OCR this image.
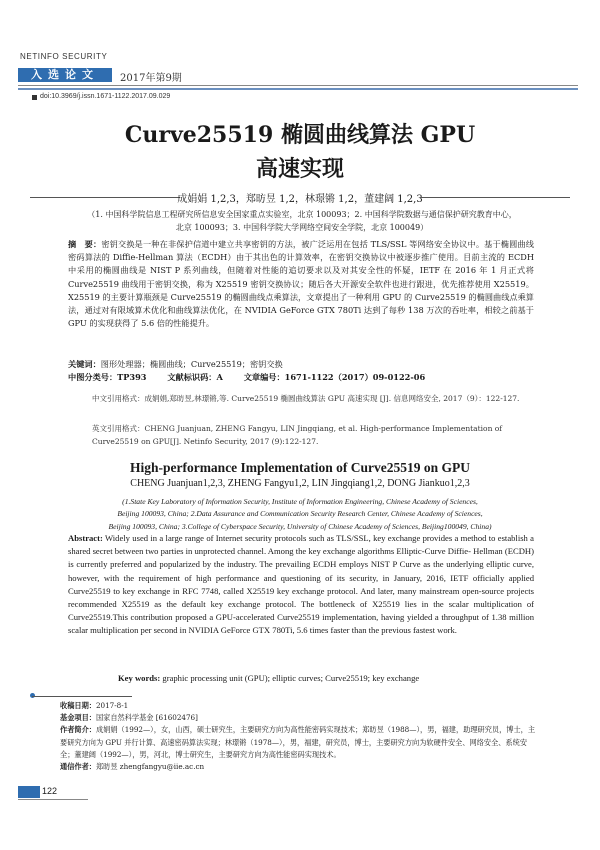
NETINFO SECURITY
入选论文	2017年第9期
doi:10.3969/j.issn.1671-1122.2017.09.029
Curve25519 椭圆曲线算法 GPU
高速实现
成娟娟 1,2,3，郑昉昱 1,2，林璟锵 1,2，董建阔 1,2,3
（1. 中国科学院信息工程研究所信息安全国家重点实验室，北京 100093；2. 中国科学院数据与通信保护研究教育中心，
北京 100093；3. 中国科学院大学网络空间安全学院，北京 100049）
摘　要：密钥交换是一种在非保护信道中建立共享密钥的方法，被广泛运用在包括 TLS/SSL 等网络安全协议中。基于椭圆曲线密码算法的 Diffie-Hellman 算法（ECDH）由于其出色的计算效率，在密钥交换协议中被逐步推广使用。目前主流的 ECDH 中采用的椭圆曲线是 NIST P 系列曲线，但随着对性能的追切要求以及对其安全性的怀疑，IETF 在 2016 年 1 月正式将 Curve25519 曲线用于密钥交换，称为 X25519 密钥交换协议；随后各大开源安全软件也进行跟进，优先推荐使用 X25519。X25519 的主要计算瓶颈是 Curve25519 的椭圆曲线点乘算法，文章提出了一种利用 GPU 的 Curve25519 的椭圆曲线点乘算法，通过对有限域算术优化和曲线算法优化，在 NVIDIA GeForce GTX 780Ti 达到了每秒 138 万次的吞吐率，相较之前基于 GPU 的实现获得了 5.6 倍的性能提升。
关键词：图形处理器；椭圆曲线；Curve25519；密钥交换
中图分类号：TP393	文献标识码：A	文章编号：1671-1122（2017）09-0122-06
中文引用格式：成娟娟,郑昉昱,林璟锵,等. Curve25519 椭圆曲线算法 GPU 高速实现 [J]. 信息网络安全, 2017（9）：122-127.
英文引用格式：CHENG Juanjuan, ZHENG Fangyu, LIN Jingqiang, et al. High-performance Implementation of Curve25519 on GPU[J]. Netinfo Security, 2017 (9):122-127.
High-performance Implementation of Curve25519 on GPU
CHENG Juanjuan1,2,3, ZHENG Fangyu1,2, LIN Jingqiang1,2, DONG Jiankuo1,2,3
(1.State Key Laboratory of Information Security, Institute of Information Engineering, Chinese Academy of Sciences,
Beijing 100093, China; 2.Data Assurance and Communication Security Research Center, Chinese Academy of Sciences,
Beijing 100093, China; 3.College of Cyberspace Security, University of Chinese Academy of Sciences, Beijing100049, China)
Abstract: Widely used in a large range of Internet security protocols such as TLS/SSL, key exchange provides a method to establish a shared secret between two parties in unprotected channel. Among the key exchange algorithms Elliptic-Curve Diffie- Hellman (ECDH) is currently preferred and popularized by the industry. The prevailing ECDH employs NIST P Curve as the underlying elliptic curve, however, with the requirement of high performance and questioning of its security, in January, 2016, IETF officially applied Curve25519 to key exchange in RFC 7748, called X25519 key exchange protocol. And later, many mainstream open-source projects recommended X25519 as the default key exchange protocol. The bottleneck of X25519 lies in the scalar multiplication of Curve25519.This contribution proposed a GPU-accelerated Curve25519 implementation, having yielded a throughput of 1.38 million scalar multiplication per second in NVIDIA GeForce GTX 780Ti, 5.6 times faster than the previous fastest work.
Key words: graphic processing unit (GPU); elliptic curves; Curve25519; key exchange
收稿日期：2017-8-1
基金项目：国家自然科学基金 [61602476]
作者简介：成娟娟（1992—），女，山西，硕士研究生，主要研究方向为高性能密码实现技术；郑昉昱（1988—），男，福建，助理研究员，博士，主要研究方向为 GPU 并行计算、高速密码算法实现；林璟锵（1978—），男，福建，研究员，博士，主要研究方向为软硬件安全、网络安全、系统安全；董建阔（1992—），男，河北，博士研究生，主要研究方向为高性能密码实现技术。
通信作者：郑昉昱 zhengfangyu@iie.ac.cn
122
